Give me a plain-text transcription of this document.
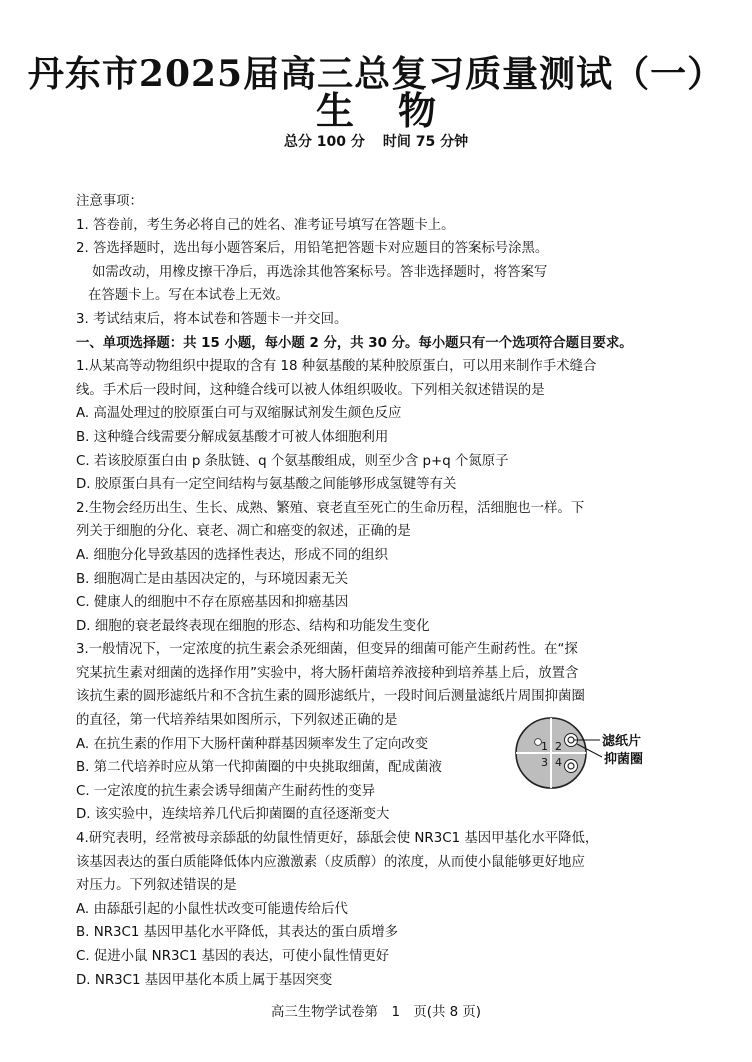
丹东市2025届高三总复习质量测试（一）
生物
总分 100 分 时间 75 分钟
注意事项：
1. 答卷前，考生务必将自己的姓名、准考证号填写在答题卡上。
2. 答选择题时，选出每小题答案后，用铅笔把答题卡对应题目的答案标号涂黑。
如需改动，用橡皮擦干净后，再选涂其他答案标号。答非选择题时，将答案写
在答题卡上。写在本试卷上无效。
3. 考试结束后，将本试卷和答题卡一并交回。
一、单项选择题：共 15 小题，每小题 2 分，共 30 分。每小题只有一个选项符合题目要求。
1.从某高等动物组织中提取的含有 18 种氨基酸的某种胶原蛋白，可以用来制作手术缝合
线。手术后一段时间，这种缝合线可以被人体组织吸收。下列相关叙述错误的是
A. 高温处理过的胶原蛋白可与双缩脲试剂发生颜色反应
B. 这种缝合线需要分解成氨基酸才可被人体细胞利用
C. 若该胶原蛋白由 p 条肽链、q 个氨基酸组成，则至少含 p+q 个氮原子
D. 胶原蛋白具有一定空间结构与氨基酸之间能够形成氢键等有关
2.生物会经历出生、生长、成熟、繁殖、衰老直至死亡的生命历程，活细胞也一样。下
列关于细胞的分化、衰老、凋亡和癌变的叙述，正确的是
A. 细胞分化导致基因的选择性表达，形成不同的组织
B. 细胞凋亡是由基因决定的，与环境因素无关
C. 健康人的细胞中不存在原癌基因和抑癌基因
D. 细胞的衰老最终表现在细胞的形态、结构和功能发生变化
3.一般情况下，一定浓度的抗生素会杀死细菌，但变异的细菌可能产生耐药性。在“探
究某抗生素对细菌的选择作用”实验中，将大肠杆菌培养液接种到培养基上后，放置含
该抗生素的圆形滤纸片和不含抗生素的圆形滤纸片，一段时间后测量滤纸片周围抑菌圈
的直径，第一代培养结果如图所示，下列叙述正确的是
A. 在抗生素的作用下大肠杆菌种群基因频率发生了定向改变
B. 第二代培养时应从第一代抑菌圈的中央挑取细菌，配成菌液
C. 一定浓度的抗生素会诱导细菌产生耐药性的变异
D. 该实验中，连续培养几代后抑菌圈的直径逐渐变大
4.研究表明，经常被母亲舔舐的幼鼠性情更好，舔舐会使 NR3C1 基因甲基化水平降低，
该基因表达的蛋白质能降低体内应激激素（皮质醇）的浓度，从而使小鼠能够更好地应
对压力。下列叙述错误的是
A. 由舔舐引起的小鼠性状改变可能遗传给后代
B. NR3C1 基因甲基化水平降低，其表达的蛋白质增多
C. 促进小鼠 NR3C1 基因的表达，可使小鼠性情更好
D. NR3C1 基因甲基化本质上属于基因突变
1 2
3 4
滤纸片
抑菌圈
高三生物学试卷第　1　页(共 8 页)
